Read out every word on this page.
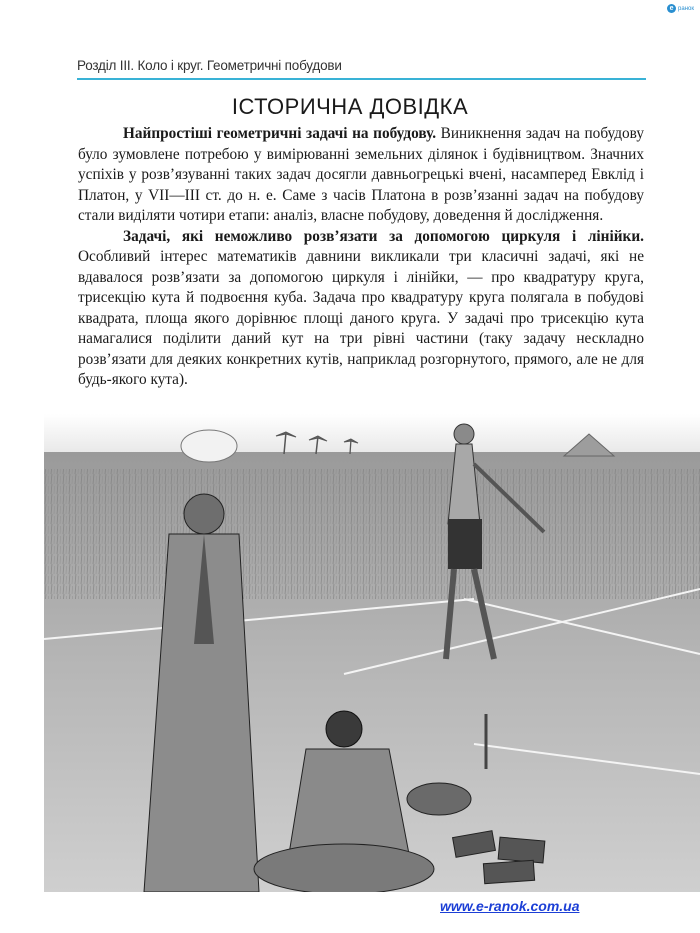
e ранок
Розділ III. Коло і круг. Геометричні побудови
ІСТОРИЧНА ДОВІДКА

Найпростіші геометричні задачі на побудову. Виникнення задач на побудову було зумовлене потребою у вимірюванні земельних ділянок і будівництвом. Значних успіхів у розв’язуванні таких задач досягли давньогрецькі вчені, насамперед Евклід і Платон, у VII—III ст. до н. е. Саме з часів Платона в розв’язанні задач на побудову стали виділяти чотири етапи: аналіз, власне побудову, доведення й дослідження.

Задачі, які неможливо розв’язати за допомогою циркуля і лінійки. Особливий інтерес математиків давнини викликали три класичні задачі, які не вдавалося розв’язати за допомогою циркуля і лінійки, — про квадратуру круга, трисекцію кута й подвоєння куба. Задача про квадратуру круга полягала в побудові квадрата, площа якого дорівнює площі даного круга. У задачі про трисекцію кута намагалися поділити даний кут на три рівні частини (таку задачу нескладно розв’язати для деяких конкретних кутів, наприклад розгорнутого, прямого, але не для будь-якого кута).

www.e-ranok.com.ua
